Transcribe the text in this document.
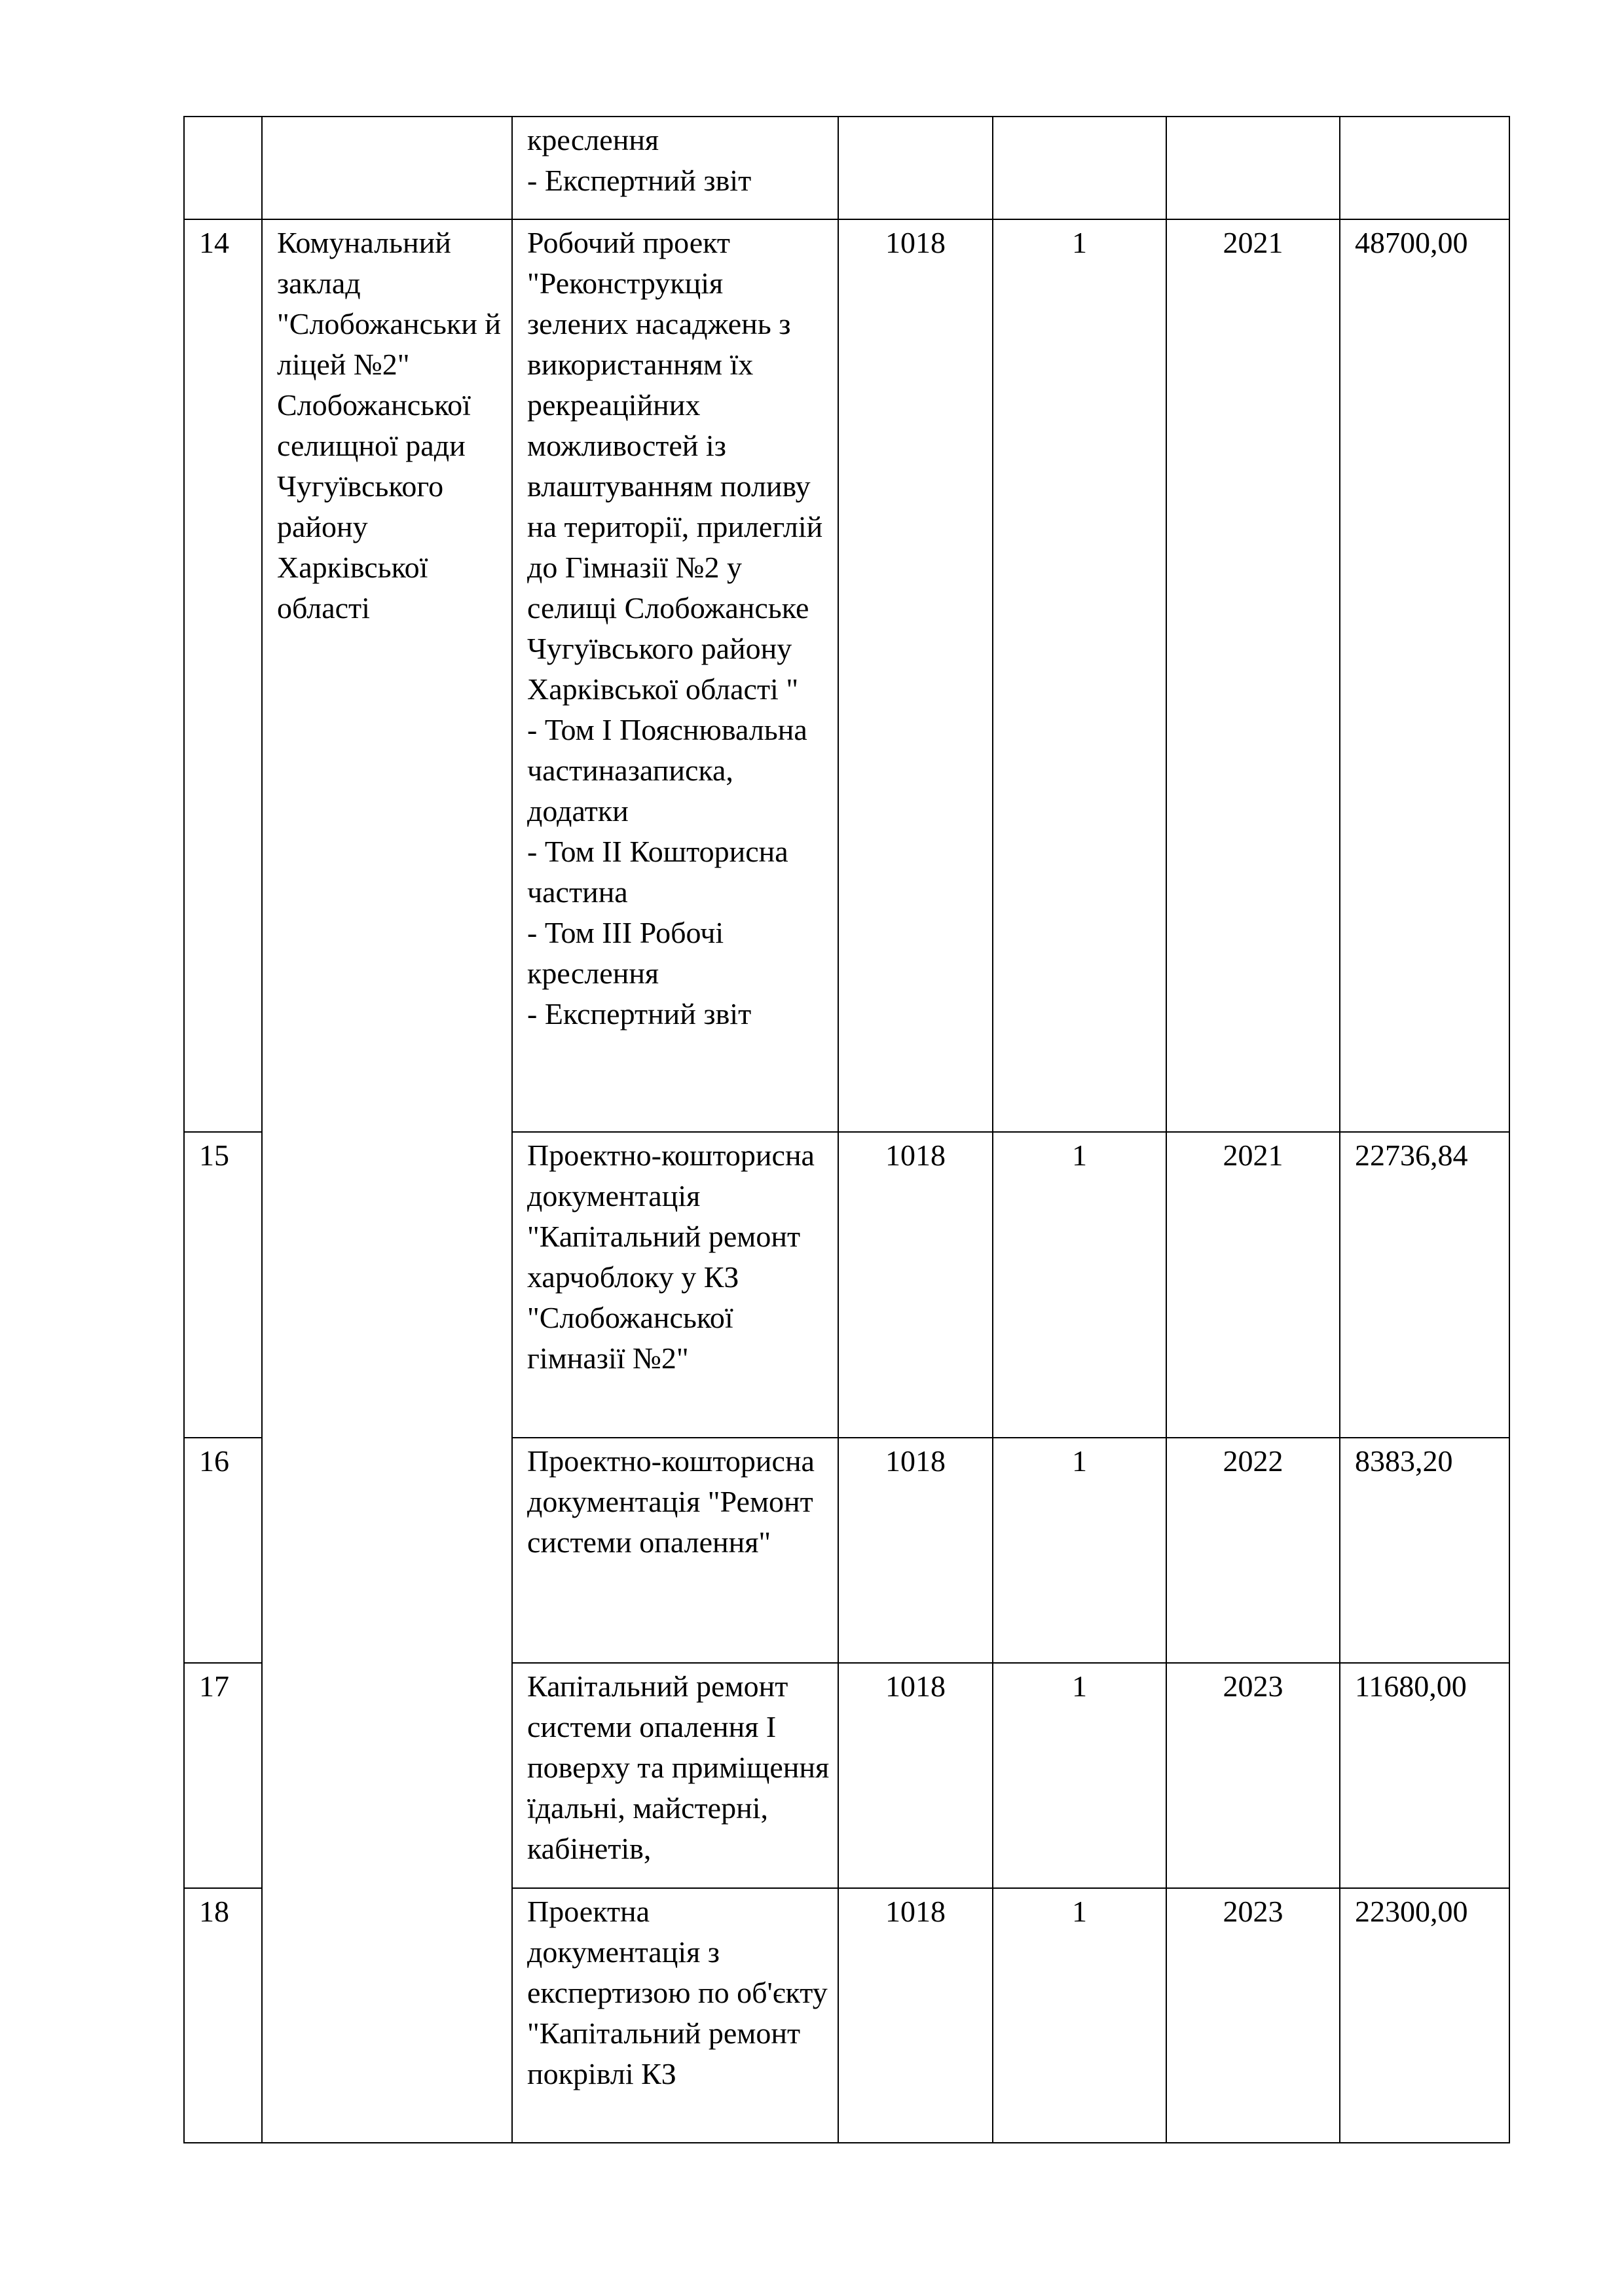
		креслення
- Експертний звіт				
14	Комунальний заклад "Слобожанськи й ліцей №2" Слобожанської селищної ради Чугуївського району Харківської області	Робочий проект "Реконструкція зелених насаджень з використанням їх рекреаційних можливостей із влаштуванням поливу на території, прилеглій до Гімназії №2 у селищі Слобожанське Чугуївського району Харківської області "
- Том І Пояснювальна частиназаписка, додатки
- Том ІІ Кошторисна частина
- Том ІІІ Робочі креслення
- Експертний звіт	1018	1	2021	48700,00
15		Проектно-кошторисна документація "Капітальний ремонт харчоблоку у КЗ "Слобожанської гімназії №2"	1018	1	2021	22736,84
16		Проектно-кошторисна документація "Ремонт системи опалення"	1018	1	2022	8383,20
17		Капітальний ремонт системи опалення І поверху та приміщення їдальні, майстерні, кабінетів,	1018	1	2023	11680,00
18		Проектна документація з експертизою по об'єкту "Капітальний ремонт покрівлі КЗ	1018	1	2023	22300,00
